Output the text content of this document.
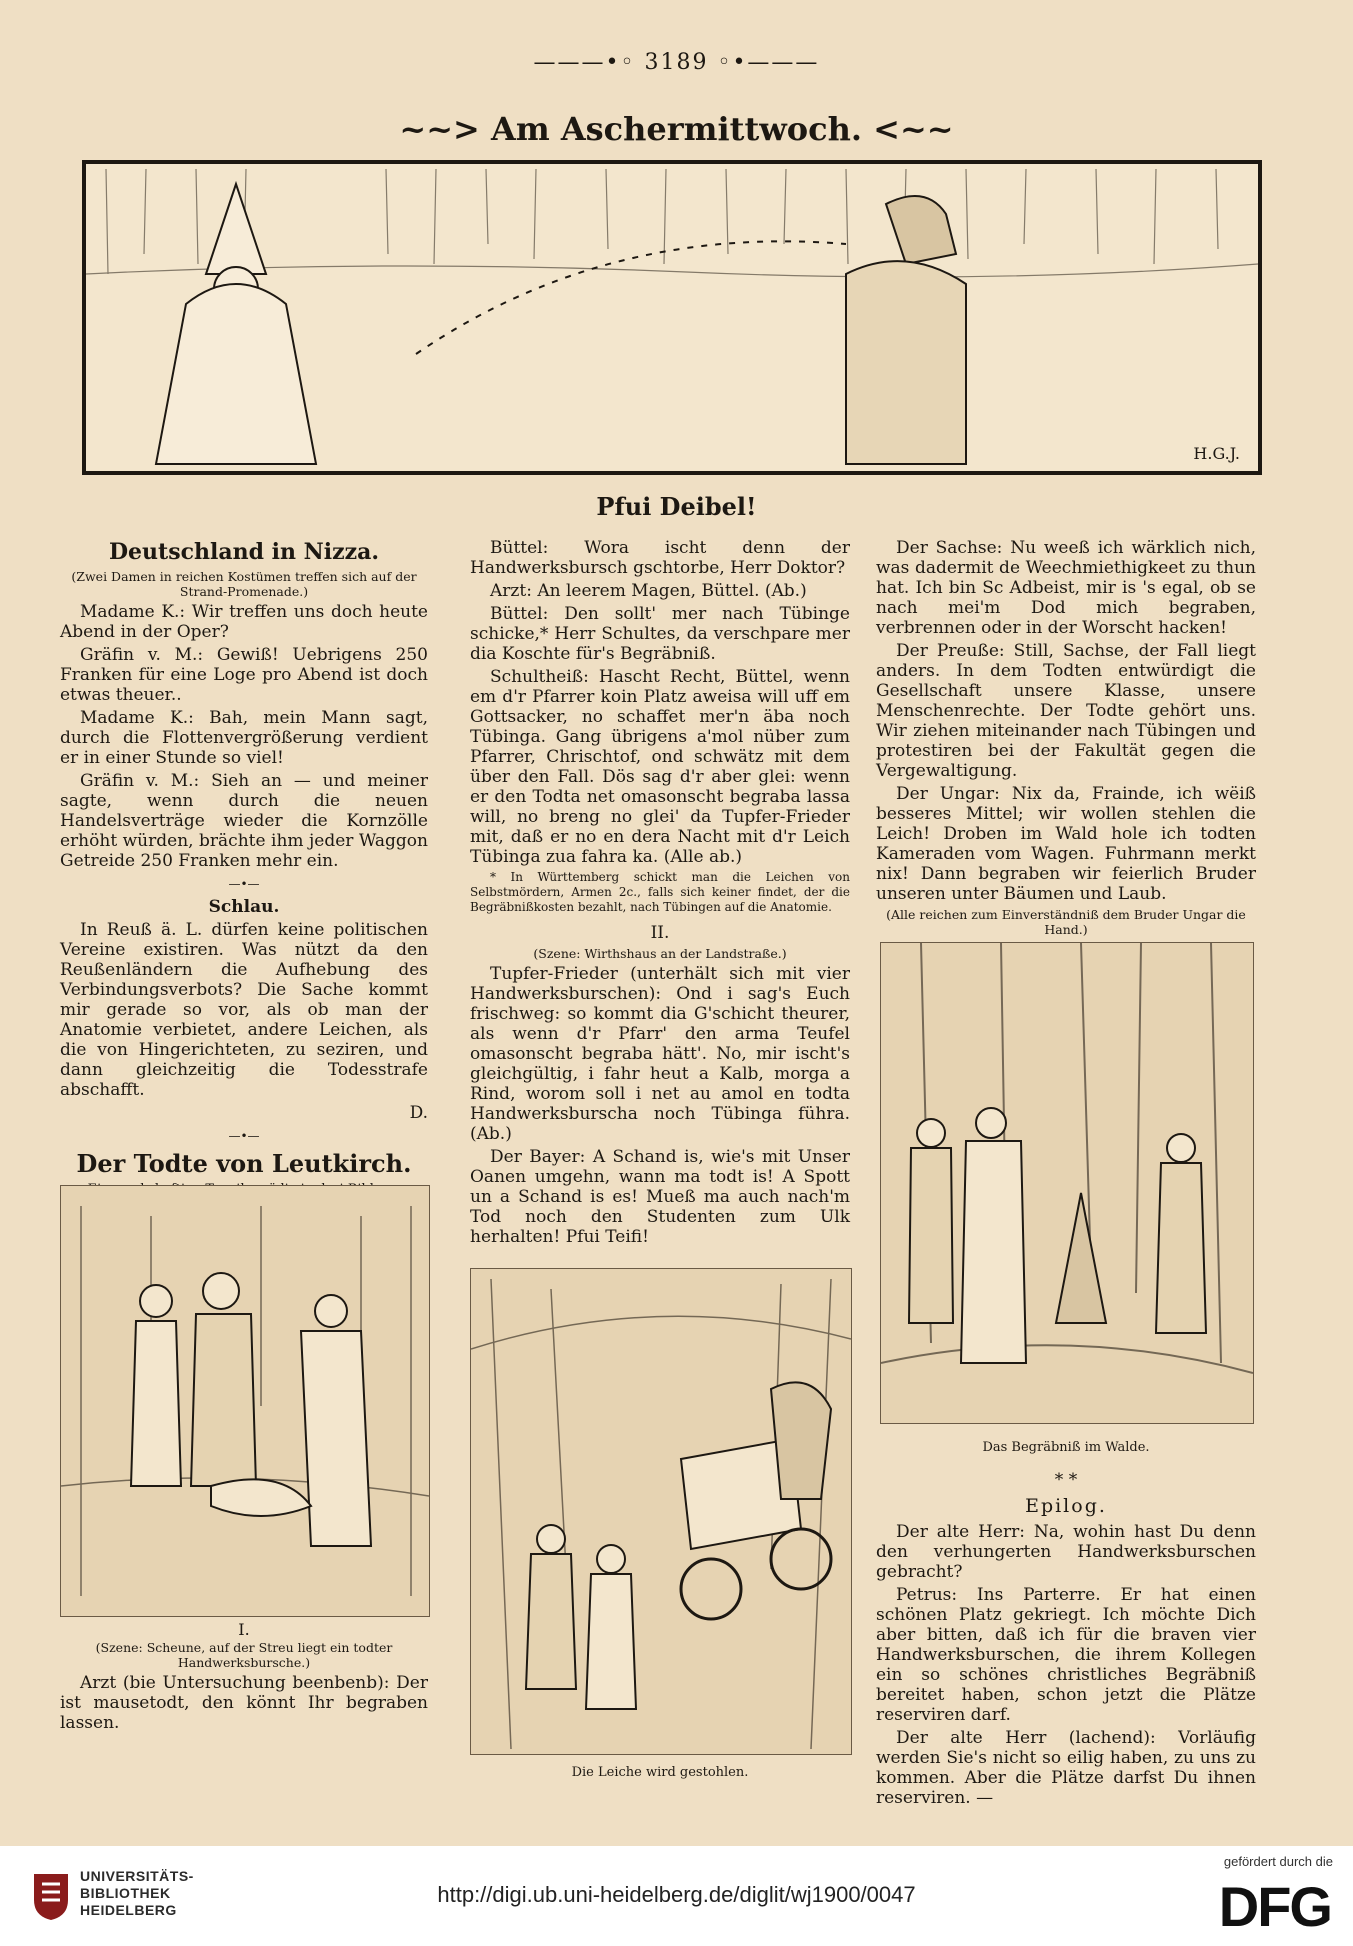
———•◦ 3189 ◦•———
~~> Am Aschermittwoch. <~~
H.G.J.
Pfui Deibel!

Deutschland in Nizza.

(Zwei Damen in reichen Kostümen treffen sich auf der Strand-Promenade.)

Madame K.: Wir treffen uns doch heute Abend in der Oper?

Gräfin v. M.: Gewiß! Uebrigens 250 Franken für eine Loge pro Abend ist doch etwas theuer..

Madame K.: Bah, mein Mann sagt, durch die Flottenvergrößerung verdient er in einer Stunde so viel!

Gräfin v. M.: Sieh an — und meiner sagte, wenn durch die neuen Handelsverträge wieder die Kornzölle erhöht würden, brächte ihm jeder Waggon Getreide 250 Franken mehr ein.

—•—

Schlau.

In Reuß ä. L. dürfen keine politischen Vereine existiren. Was nützt da den Reußenländern die Aufhebung des Verbindungsverbots? Die Sache kommt mir gerade so vor, als ob man der Anatomie verbietet, andere Leichen, als die von Hingerichteten, zu seziren, und dann gleichzeitig die Todesstrafe abschafft.

D.

—•—

Der Todte von Leutkirch.

I.

(Szene: Scheune, auf der Streu liegt ein todter Handwerksbursche.)

Arzt (bie Untersuchung beenbenb): Der ist mausetodt, den könnt Ihr begraben lassen.

Büttel: Wora ischt denn der Handwerksbursch gschtorbe, Herr Doktor?

Arzt: An leerem Magen, Büttel. (Ab.)

Büttel: Den sollt' mer nach Tübinge schicke,* Herr Schultes, da verschpare mer dia Koschte für's Begräbniß.

Schultheiß: Hascht Recht, Büttel, wenn em d'r Pfarrer koin Platz aweisa will uff em Gottsacker, no schaffet mer'n äba noch Tübinga. Gang übrigens a'mol nüber zum Pfarrer, Chrischtof, ond schwätz mit dem über den Fall. Dös sag d'r aber glei: wenn er den Todta net omasonscht begraba lassa will, no breng no glei' da Tupfer-Frieder mit, daß er no en dera Nacht mit d'r Leich Tübinga zua fahra ka. (Alle ab.)

* In Württemberg schickt man die Leichen von Selbstmördern, Armen 2c., falls sich keiner findet, der die Begräbnißkosten bezahlt, nach Tübingen auf die Anatomie.

II.

(Szene: Wirthshaus an der Landstraße.)

Tupfer-Frieder (unterhält sich mit vier Handwerksburschen): Ond i sag's Euch frischweg: so kommt dia G'schicht theurer, als wenn d'r Pfarr' den arma Teufel omasonscht begraba hätt'. No, mir ischt's gleichgültig, i fahr heut a Kalb, morga a Rind, worom soll i net au amol en todta Handwerksburscha noch Tübinga führa. (Ab.)

Der Bayer: A Schand is, wie's mit Unser Oanen umgehn, wann ma todt is! A Spott un a Schand is es! Mueß ma auch nach'm Tod noch den Studenten zum Ulk herhalten! Pfui Teifi!

Die Leiche wird gestohlen.

Der Sachse: Nu weeß ich wärklich nich, was dadermit de Weechmiethigkeet zu thun hat. Ich bin Sc Adbeist, mir is 's egal, ob se nach mei'm Dod mich begraben, verbrennen oder in der Worscht hacken!

Der Preuße: Still, Sachse, der Fall liegt anders. In dem Todten entwürdigt die Gesellschaft unsere Klasse, unsere Menschenrechte. Der Todte gehört uns. Wir ziehen miteinander nach Tübingen und protestiren bei der Fakultät gegen die Vergewaltigung.

Der Ungar: Nix da, Frainde, ich wëiß besseres Mittel; wir wollen stehlen die Leich! Droben im Wald hole ich todten Kameraden vom Wagen. Fuhrmann merkt nix! Dann begraben wir feierlich Bruder unseren unter Bäumen und Laub.

(Alle reichen zum Einverständniß dem Bruder Ungar die Hand.)

Das Begräbniß im Walde.

* *

Epilog.

Der alte Herr: Na, wohin hast Du denn den verhungerten Handwerksburschen gebracht?

Petrus: Ins Parterre. Er hat einen schönen Platz gekriegt. Ich möchte Dich aber bitten, daß ich für die braven vier Handwerksburschen, die ihrem Kollegen ein so schönes christliches Begräbniß bereitet haben, schon jetzt die Plätze reserviren darf.

Der alte Herr (lachend): Vorläufig werden Sie's nicht so eilig haben, zu uns zu kommen. Aber die Plätze darfst Du ihnen reserviren. —

UNIVERSITÄTS-
BIBLIOTHEK
HEIDELBERG
http://digi.ub.uni-heidelberg.de/diglit/wj1900/0047
gefördert durch die
DFG
